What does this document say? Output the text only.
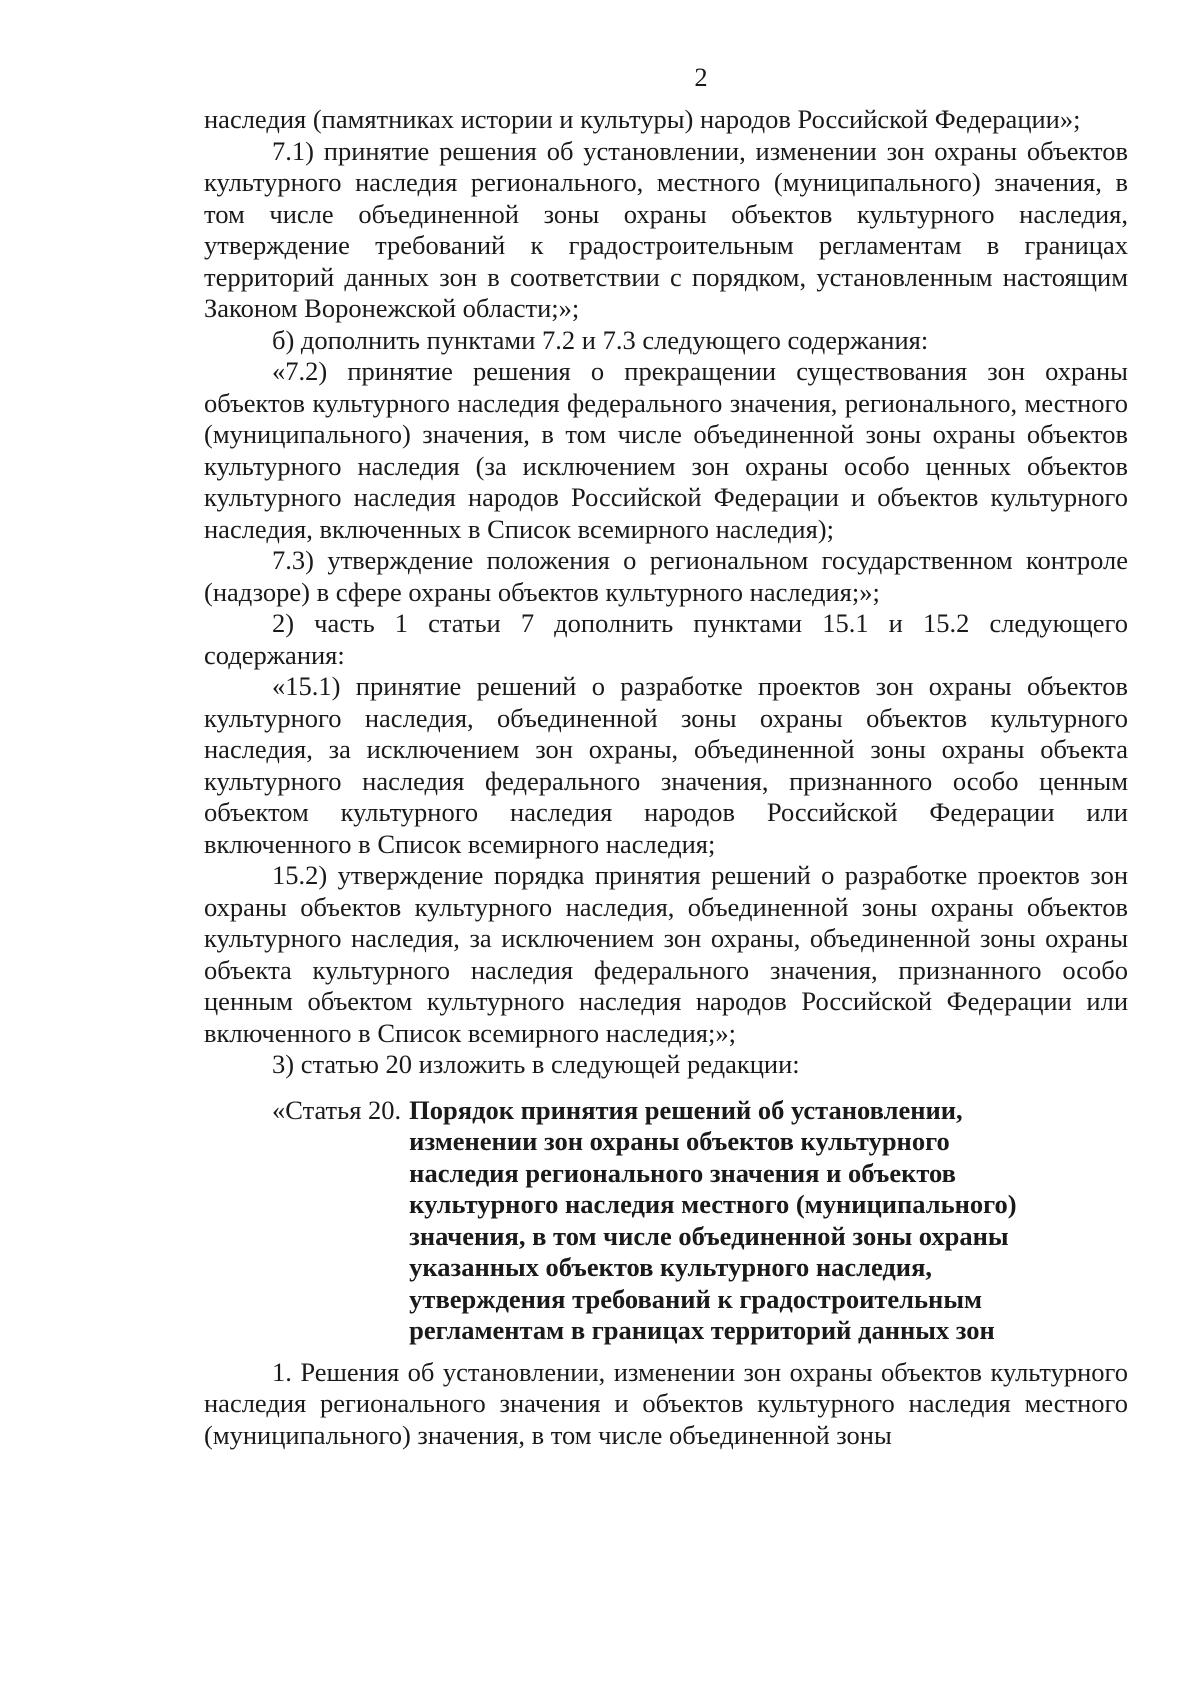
2

наследия (памятниках истории и культуры) народов Российской Федерации»;

7.1) принятие решения об установлении, изменении зон охраны объектов культурного наследия регионального, местного (муниципального) значения, в том числе объединенной зоны охраны объектов культурного наследия, утверждение требований к градостроительным регламентам в границах территорий данных зон в соответствии с порядком, установленным настоящим Законом Воронежской области;»;

б) дополнить пунктами 7.2 и 7.3 следующего содержания:

«7.2) принятие решения о прекращении существования зон охраны объектов культурного наследия федерального значения, регионального, местного (муниципального) значения, в том числе объединенной зоны охраны объектов культурного наследия (за исключением зон охраны особо ценных объектов культурного наследия народов Российской Федерации и объектов культурного наследия, включенных в Список всемирного наследия);

7.3) утверждение положения о региональном государственном контроле (надзоре) в сфере охраны объектов культурного наследия;»;

2) часть 1 статьи 7 дополнить пунктами 15.1 и 15.2 следующего содержания:

«15.1) принятие решений о разработке проектов зон охраны объектов культурного наследия, объединенной зоны охраны объектов культурного наследия, за исключением зон охраны, объединенной зоны охраны объекта культурного наследия федерального значения, признанного особо ценным объектом культурного наследия народов Российской Федерации или включенного в Список всемирного наследия;

15.2) утверждение порядка принятия решений о разработке проектов зон охраны объектов культурного наследия, объединенной зоны охраны объектов культурного наследия, за исключением зон охраны, объединенной зоны охраны объекта культурного наследия федерального значения, признанного особо ценным объектом культурного наследия народов Российской Федерации или включенного в Список всемирного наследия;»;

3) статью 20 изложить в следующей редакции:

«Статья 20. Порядок принятия решений об установлении,
изменении зон охраны объектов культурного
наследия регионального значения и объектов
культурного наследия местного (муниципального)
значения, в том числе объединенной зоны охраны
указанных объектов культурного наследия,
утверждения требований к градостроительным
регламентам в границах территорий данных зон

1. Решения об установлении, изменении зон охраны объектов культурного наследия регионального значения и объектов культурного наследия местного (муниципального) значения, в том числе объединенной зоны
